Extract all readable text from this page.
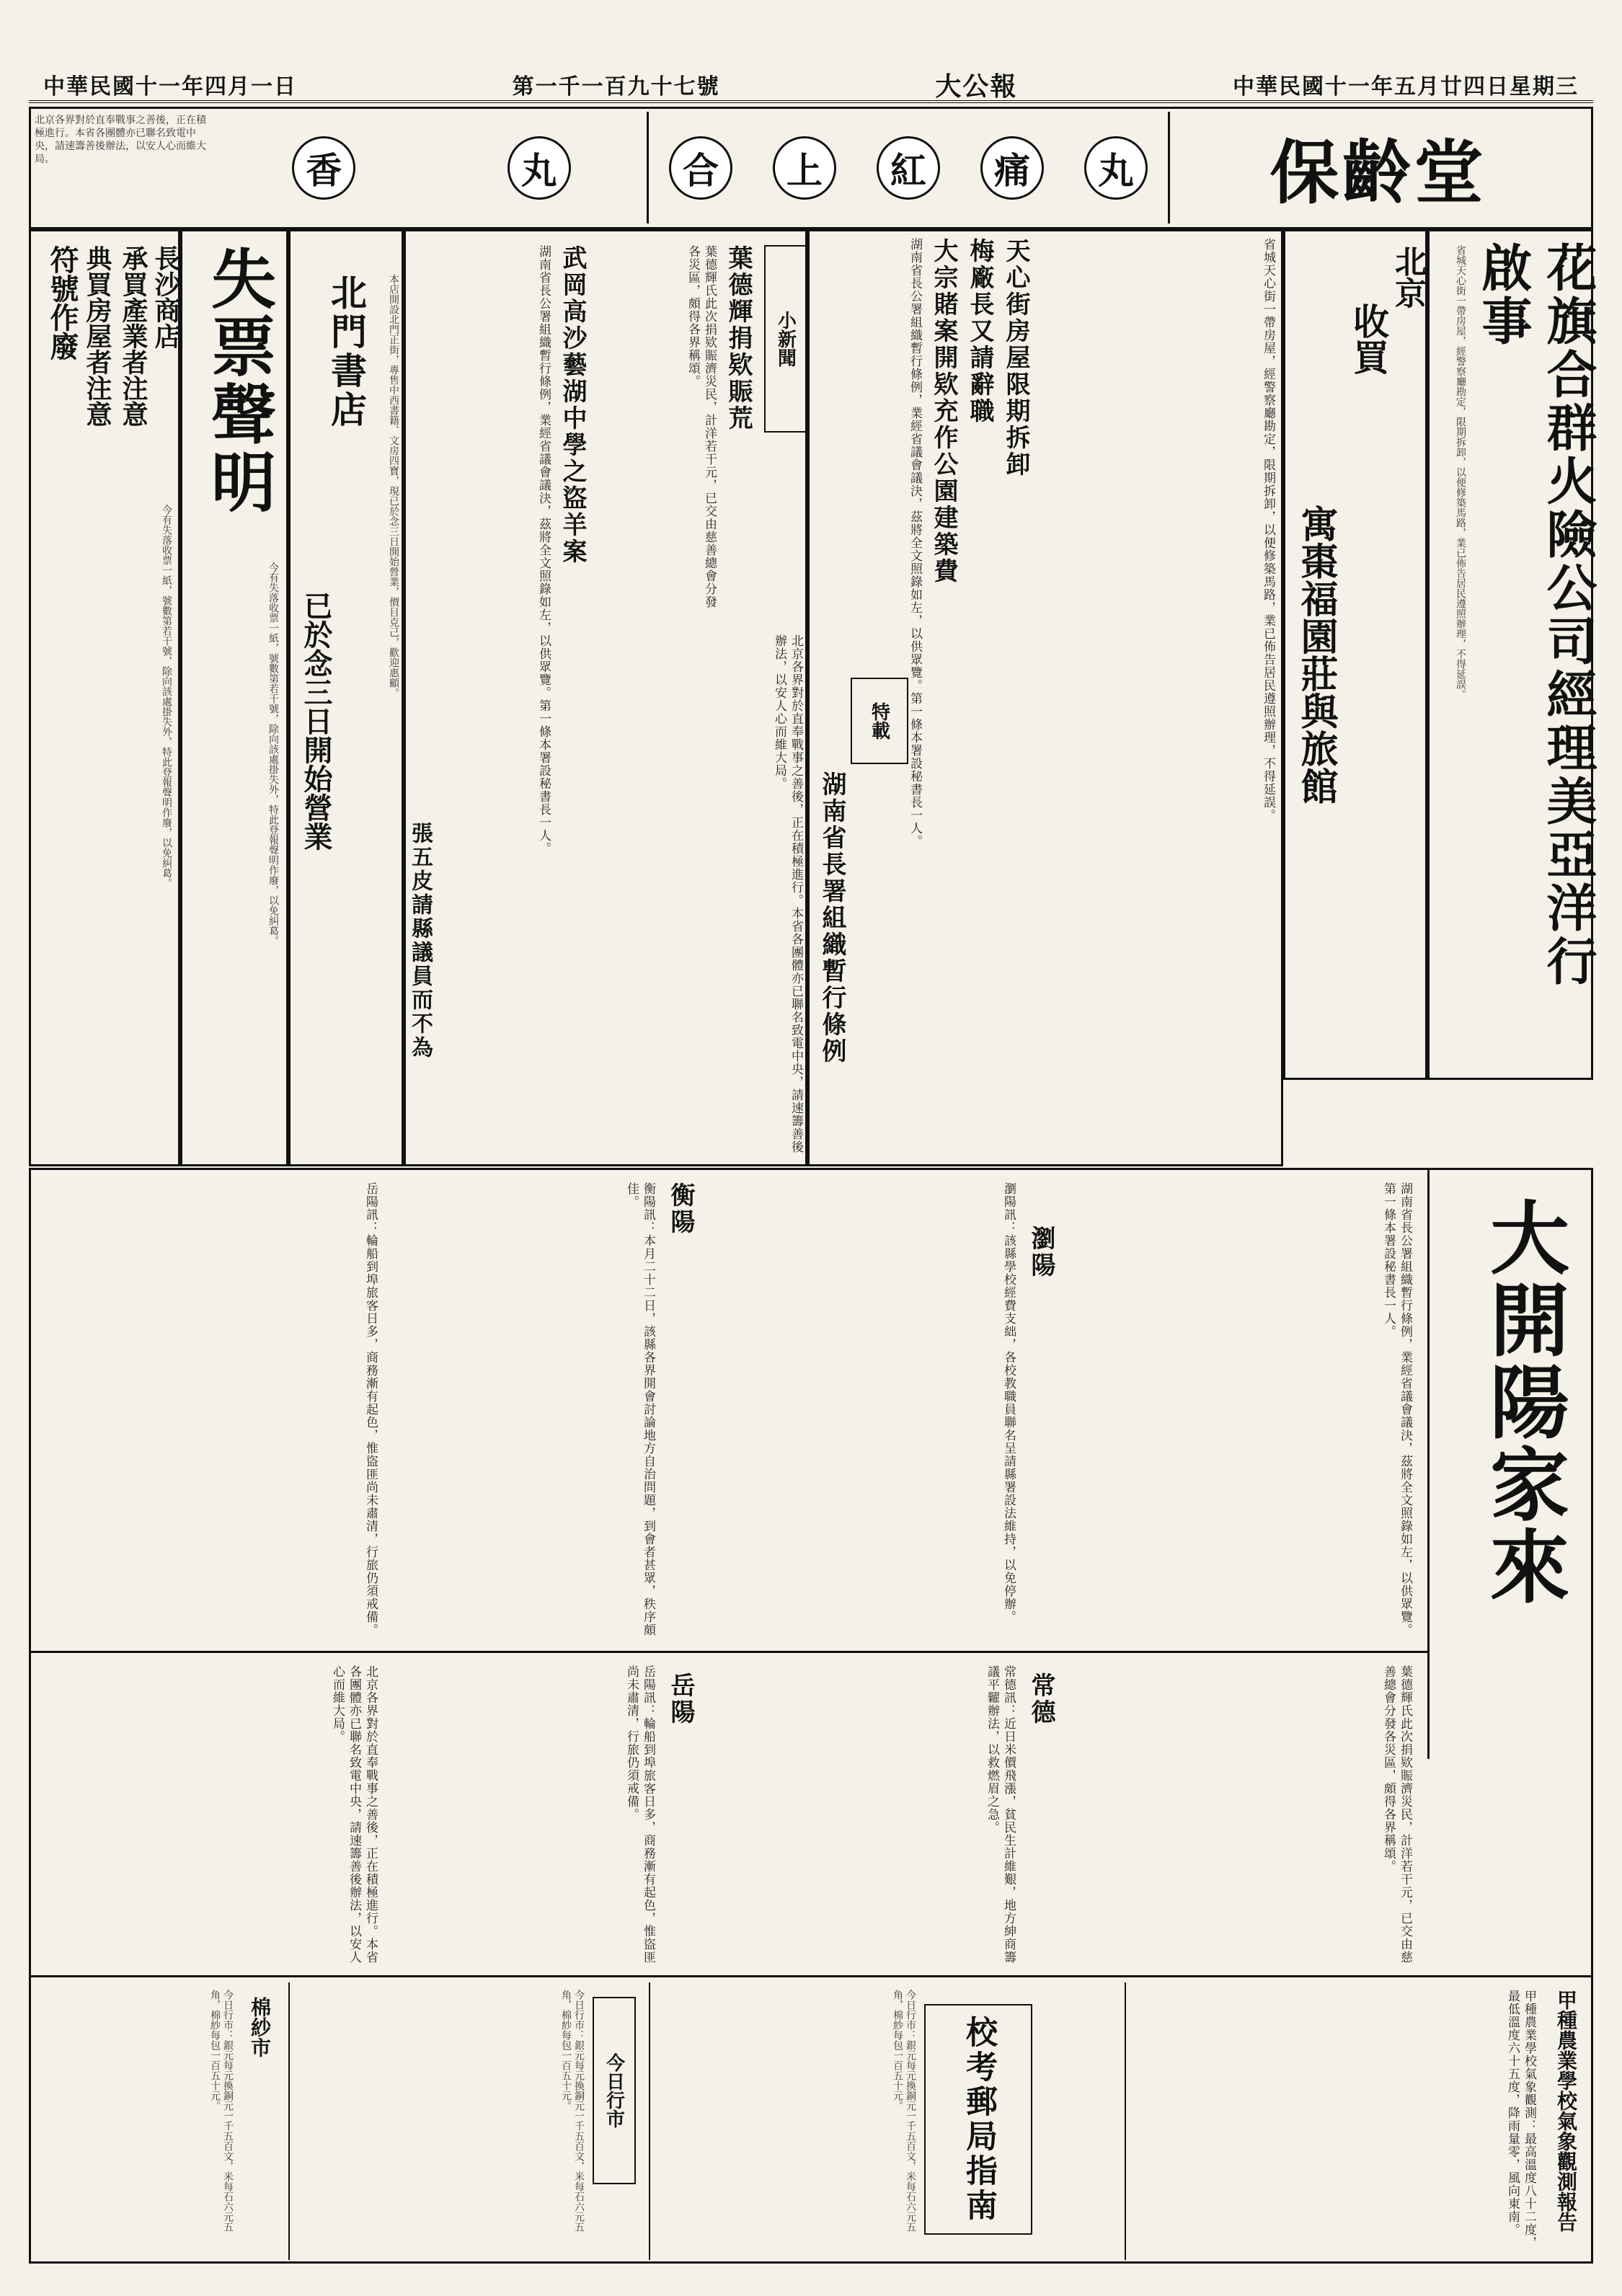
中華民國十一年四月一日	第一千一百九十七號	大公報	中華民國十一年五月廿四日星期三
保齡堂
合	上	紅	痛	丸
香	丸
北京各界對於直奉戰事之善後，正在積極進行。本省各團體亦已聯名致電中央，請速籌善後辦法，以安人心而維大局。
花旗合群火險公司經理美亞洋行啟事
省城天心街一帶房屋，經警察廳勘定，限期拆卸，以便修築馬路，業已佈告居民遵照辦理，不得延誤。
北京
收買
寓棗福園莊與旅館
天心街房屋限期拆卸
梅廠長又請辭職
大宗賭案開欵充作公園建築費	省城天心街一帶房屋，經警察廳勘定，限期拆卸，以便修築馬路，業已佈告居民遵照辦理，不得延誤。
湖南省長公署組織暫行條例，業經省議會議決，茲將全文照錄如左，以供眾覽。第一條本署設秘書長一人。
特載
湖南省長署組織暫行條例
小新聞
葉德輝捐欵賑荒
葉德輝氏此次捐欵賑濟災民，計洋若干元，已交由慈善總會分發各災區，頗得各界稱頌。
武岡高沙藝湖中學之盜羊案
湖南省長公署組織暫行條例，業經省議會議決，茲將全文照錄如左，以供眾覽。第一條本署設秘書長一人。
北京各界對於直奉戰事之善後，正在積極進行。本省各團體亦已聯名致電中央，請速籌善後辦法，以安人心而維大局。
張五皮請縣議員而不為
北門書店
已於念三日開始營業
本店開設北門正街，專售中西書籍、文房四寶，現已於念三日開始營業，價目克己，歡迎惠顧。
失票聲明
今有失落收票一紙，號數第若干號，除向該處掛失外，特此登報聲明作廢，以免糾葛。
長沙商店
承買產業者注意
典買房屋者注意
符號作廢
今有失落收票一紙，號數第若干號，除向該處掛失外，特此登報聲明作廢，以免糾葛。
大開陽家來
湖南省長公署組織暫行條例，業經省議會議決，茲將全文照錄如左，以供眾覽。第一條本署設秘書長一人。
瀏陽
瀏陽訊：該縣學校經費支絀，各校教職員聯名呈請縣署設法維持，以免停辦。
衡陽
衡陽訊：本月二十二日，該縣各界開會討論地方自治問題，到會者甚眾，秩序頗佳。
岳陽訊：輪船到埠旅客日多，商務漸有起色，惟盜匪尚未肅清，行旅仍須戒備。
常德
常德訊：近日米價飛漲，貧民生計維艱，地方紳商籌議平糶辦法，以救燃眉之急。	葉德輝氏此次捐欵賑濟災民，計洋若干元，已交由慈善總會分發各災區，頗得各界稱頌。
岳陽
岳陽訊：輪船到埠旅客日多，商務漸有起色，惟盜匪尚未肅清，行旅仍須戒備。
北京各界對於直奉戰事之善後，正在積極進行。本省各團體亦已聯名致電中央，請速籌善後辦法，以安人心而維大局。
甲種農業學校氣象觀測報告
甲種農業學校氣象觀測：最高溫度八十二度，最低溫度六十五度，降雨量零，風向東南。
校考郵局指南
今日行市：銀元每元換銅元一千五百文，米每石六元五角，棉紗每包一百五十元。
今日行市
今日行市：銀元每元換銅元一千五百文，米每石六元五角，棉紗每包一百五十元。
棉紗市
今日行市：銀元每元換銅元一千五百文，米每石六元五角，棉紗每包一百五十元。
